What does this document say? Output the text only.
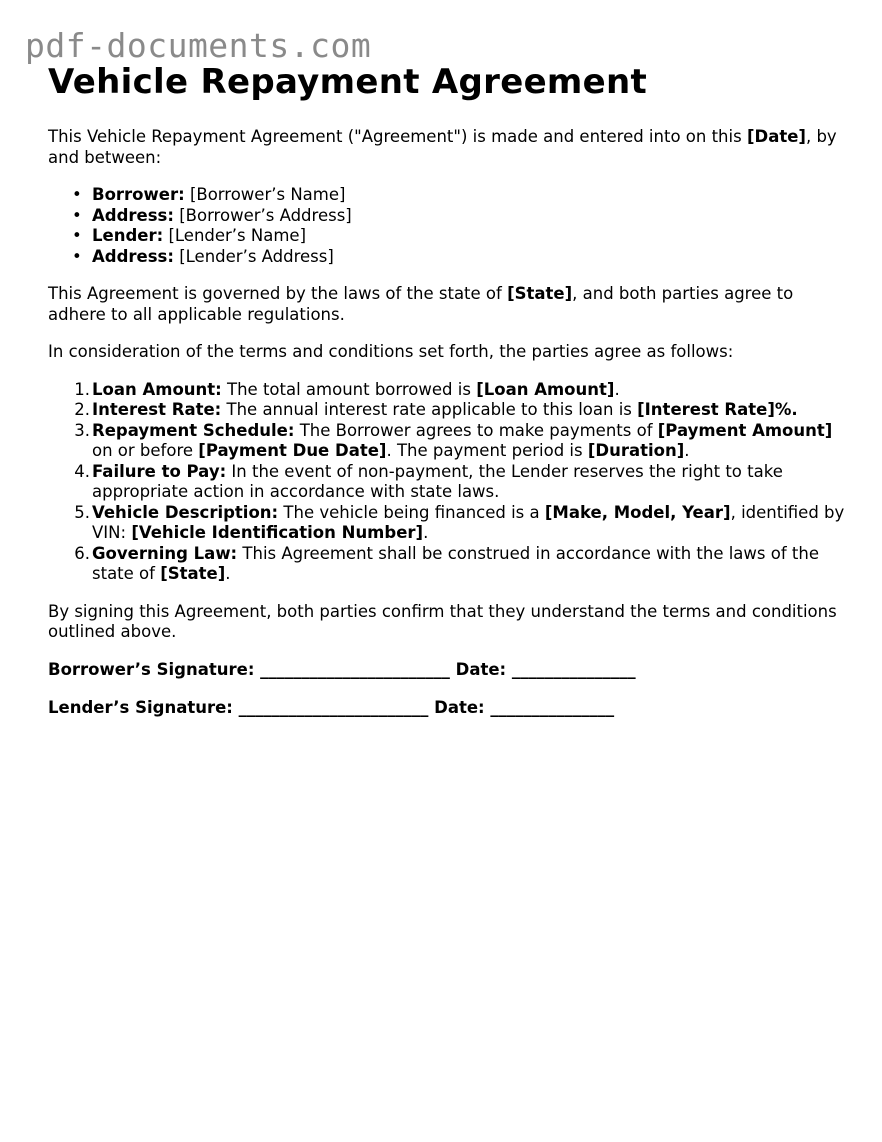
pdf-documents.com
Vehicle Repayment Agreement

This Vehicle Repayment Agreement ("Agreement") is made and entered into on this [Date], by and between:

• Borrower: [Borrower’s Name]
• Address: [Borrower’s Address]
• Lender: [Lender’s Name]
• Address: [Lender’s Address]

This Agreement is governed by the laws of the state of [State], and both parties agree to adhere to all applicable regulations.

In consideration of the terms and conditions set forth, the parties agree as follows:

1. Loan Amount: The total amount borrowed is [Loan Amount].
2. Interest Rate: The annual interest rate applicable to this loan is [Interest Rate]%.
3. Repayment Schedule: The Borrower agrees to make payments of [Payment Amount] on or before [Payment Due Date]. The payment period is [Duration].
4. Failure to Pay: In the event of non-payment, the Lender reserves the right to take appropriate action in accordance with state laws.
5. Vehicle Description: The vehicle being financed is a [Make, Model, Year], identified by VIN: [Vehicle Identification Number].
6. Governing Law: This Agreement shall be construed in accordance with the laws of the state of [State].

By signing this Agreement, both parties confirm that they understand the terms and conditions outlined above.

Borrower’s Signature: _______________________ Date: _______________
Lender’s Signature: _______________________ Date: _______________
